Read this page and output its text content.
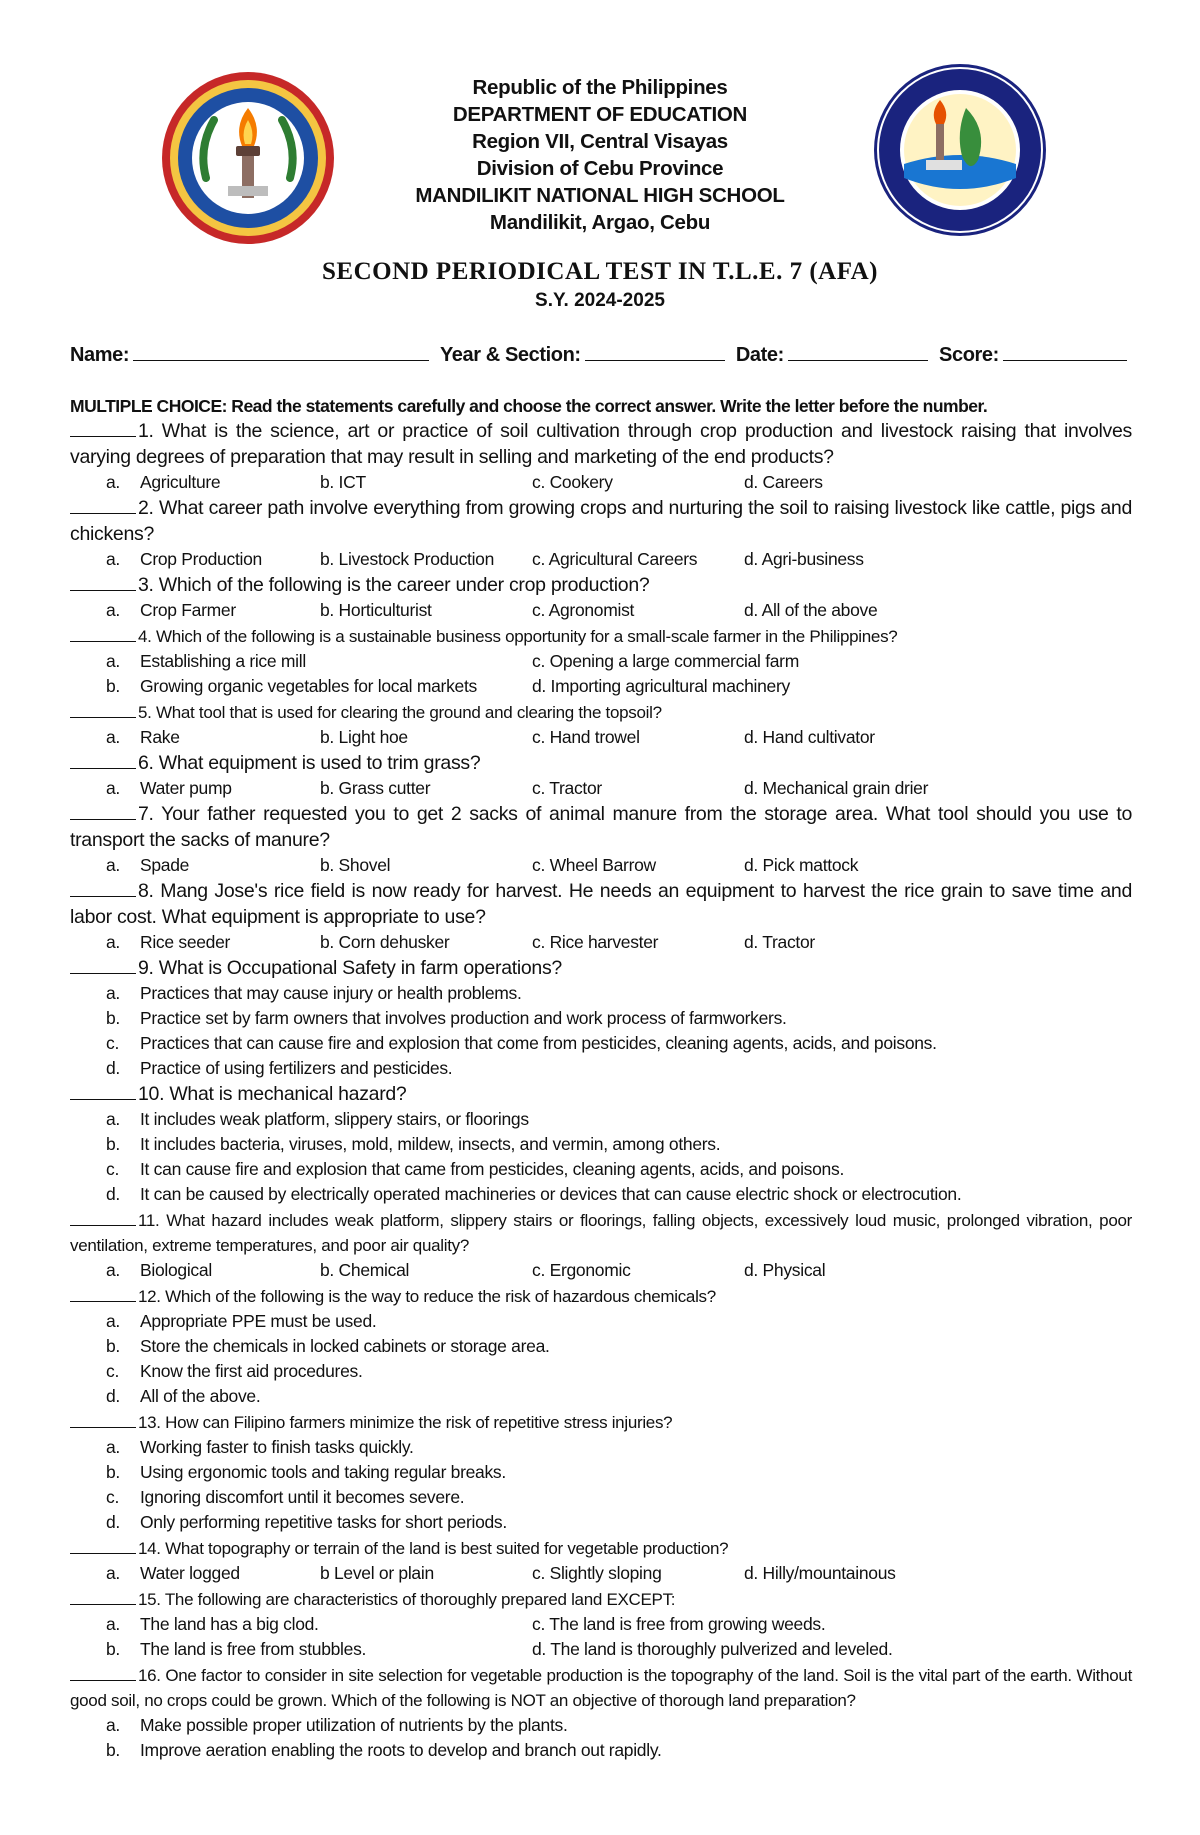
Republic of the Philippines
DEPARTMENT OF EDUCATION
Region VII, Central Visayas
Division of Cebu Province
MANDILIKIT NATIONAL HIGH SCHOOL
Mandilikit, Argao, Cebu
SECOND PERIODICAL TEST IN T.L.E. 7 (AFA)
S.Y. 2024-2025
Name:	Year & Section:	Date:	Score:
MULTIPLE CHOICE: Read the statements carefully and choose the correct answer. Write the letter before the number.
1. What is the science, art or practice of soil cultivation through crop production and livestock raising that involves varying degrees of preparation that may result in selling and marketing of the end products?
a. Agriculture	b. ICT	c. Cookery	d. Careers
2. What career path involve everything from growing crops and nurturing the soil to raising livestock like cattle, pigs and chickens?
a. Crop Production	b. Livestock Production	c. Agricultural Careers	d. Agri-business
3. Which of the following is the career under crop production?
a. Crop Farmer	b. Horticulturist	c. Agronomist	d. All of the above
4. Which of the following is a sustainable business opportunity for a small-scale farmer in the Philippines?
a. Establishing a rice mill	c. Opening a large commercial farm
b. Growing organic vegetables for local markets	d. Importing agricultural machinery
5. What tool that is used for clearing the ground and clearing the topsoil?
a. Rake	b. Light hoe	c. Hand trowel	d. Hand cultivator
6. What equipment is used to trim grass?
a. Water pump	b. Grass cutter	c. Tractor	d. Mechanical grain drier
7. Your father requested you to get 2 sacks of animal manure from the storage area. What tool should you use to transport the sacks of manure?
a. Spade	b. Shovel	c. Wheel Barrow	d. Pick mattock
8. Mang Jose's rice field is now ready for harvest. He needs an equipment to harvest the rice grain to save time and labor cost. What equipment is appropriate to use?
a. Rice seeder	b. Corn dehusker	c. Rice harvester	d. Tractor
9. What is Occupational Safety in farm operations?
a. Practices that may cause injury or health problems.
b. Practice set by farm owners that involves production and work process of farmworkers.
c. Practices that can cause fire and explosion that come from pesticides, cleaning agents, acids, and poisons.
d. Practice of using fertilizers and pesticides.
10. What is mechanical hazard?
a. It includes weak platform, slippery stairs, or floorings
b. It includes bacteria, viruses, mold, mildew, insects, and vermin, among others.
c. It can cause fire and explosion that came from pesticides, cleaning agents, acids, and poisons.
d. It can be caused by electrically operated machineries or devices that can cause electric shock or electrocution.
11. What hazard includes weak platform, slippery stairs or floorings, falling objects, excessively loud music, prolonged vibration, poor ventilation, extreme temperatures, and poor air quality?
a. Biological	b. Chemical	c. Ergonomic	d. Physical
12. Which of the following is the way to reduce the risk of hazardous chemicals?
a. Appropriate PPE must be used.
b. Store the chemicals in locked cabinets or storage area.
c. Know the first aid procedures.
d. All of the above.
13. How can Filipino farmers minimize the risk of repetitive stress injuries?
a. Working faster to finish tasks quickly.
b. Using ergonomic tools and taking regular breaks.
c. Ignoring discomfort until it becomes severe.
d. Only performing repetitive tasks for short periods.
14. What topography or terrain of the land is best suited for vegetable production?
a. Water logged	b Level or plain	c. Slightly sloping	d. Hilly/mountainous
15. The following are characteristics of thoroughly prepared land EXCEPT:
a. The land has a big clod.	c. The land is free from growing weeds.
b. The land is free from stubbles.	d. The land is thoroughly pulverized and leveled.
16. One factor to consider in site selection for vegetable production is the topography of the land. Soil is the vital part of the earth. Without good soil, no crops could be grown. Which of the following is NOT an objective of thorough land preparation?
a. Make possible proper utilization of nutrients by the plants.
b. Improve aeration enabling the roots to develop and branch out rapidly.
